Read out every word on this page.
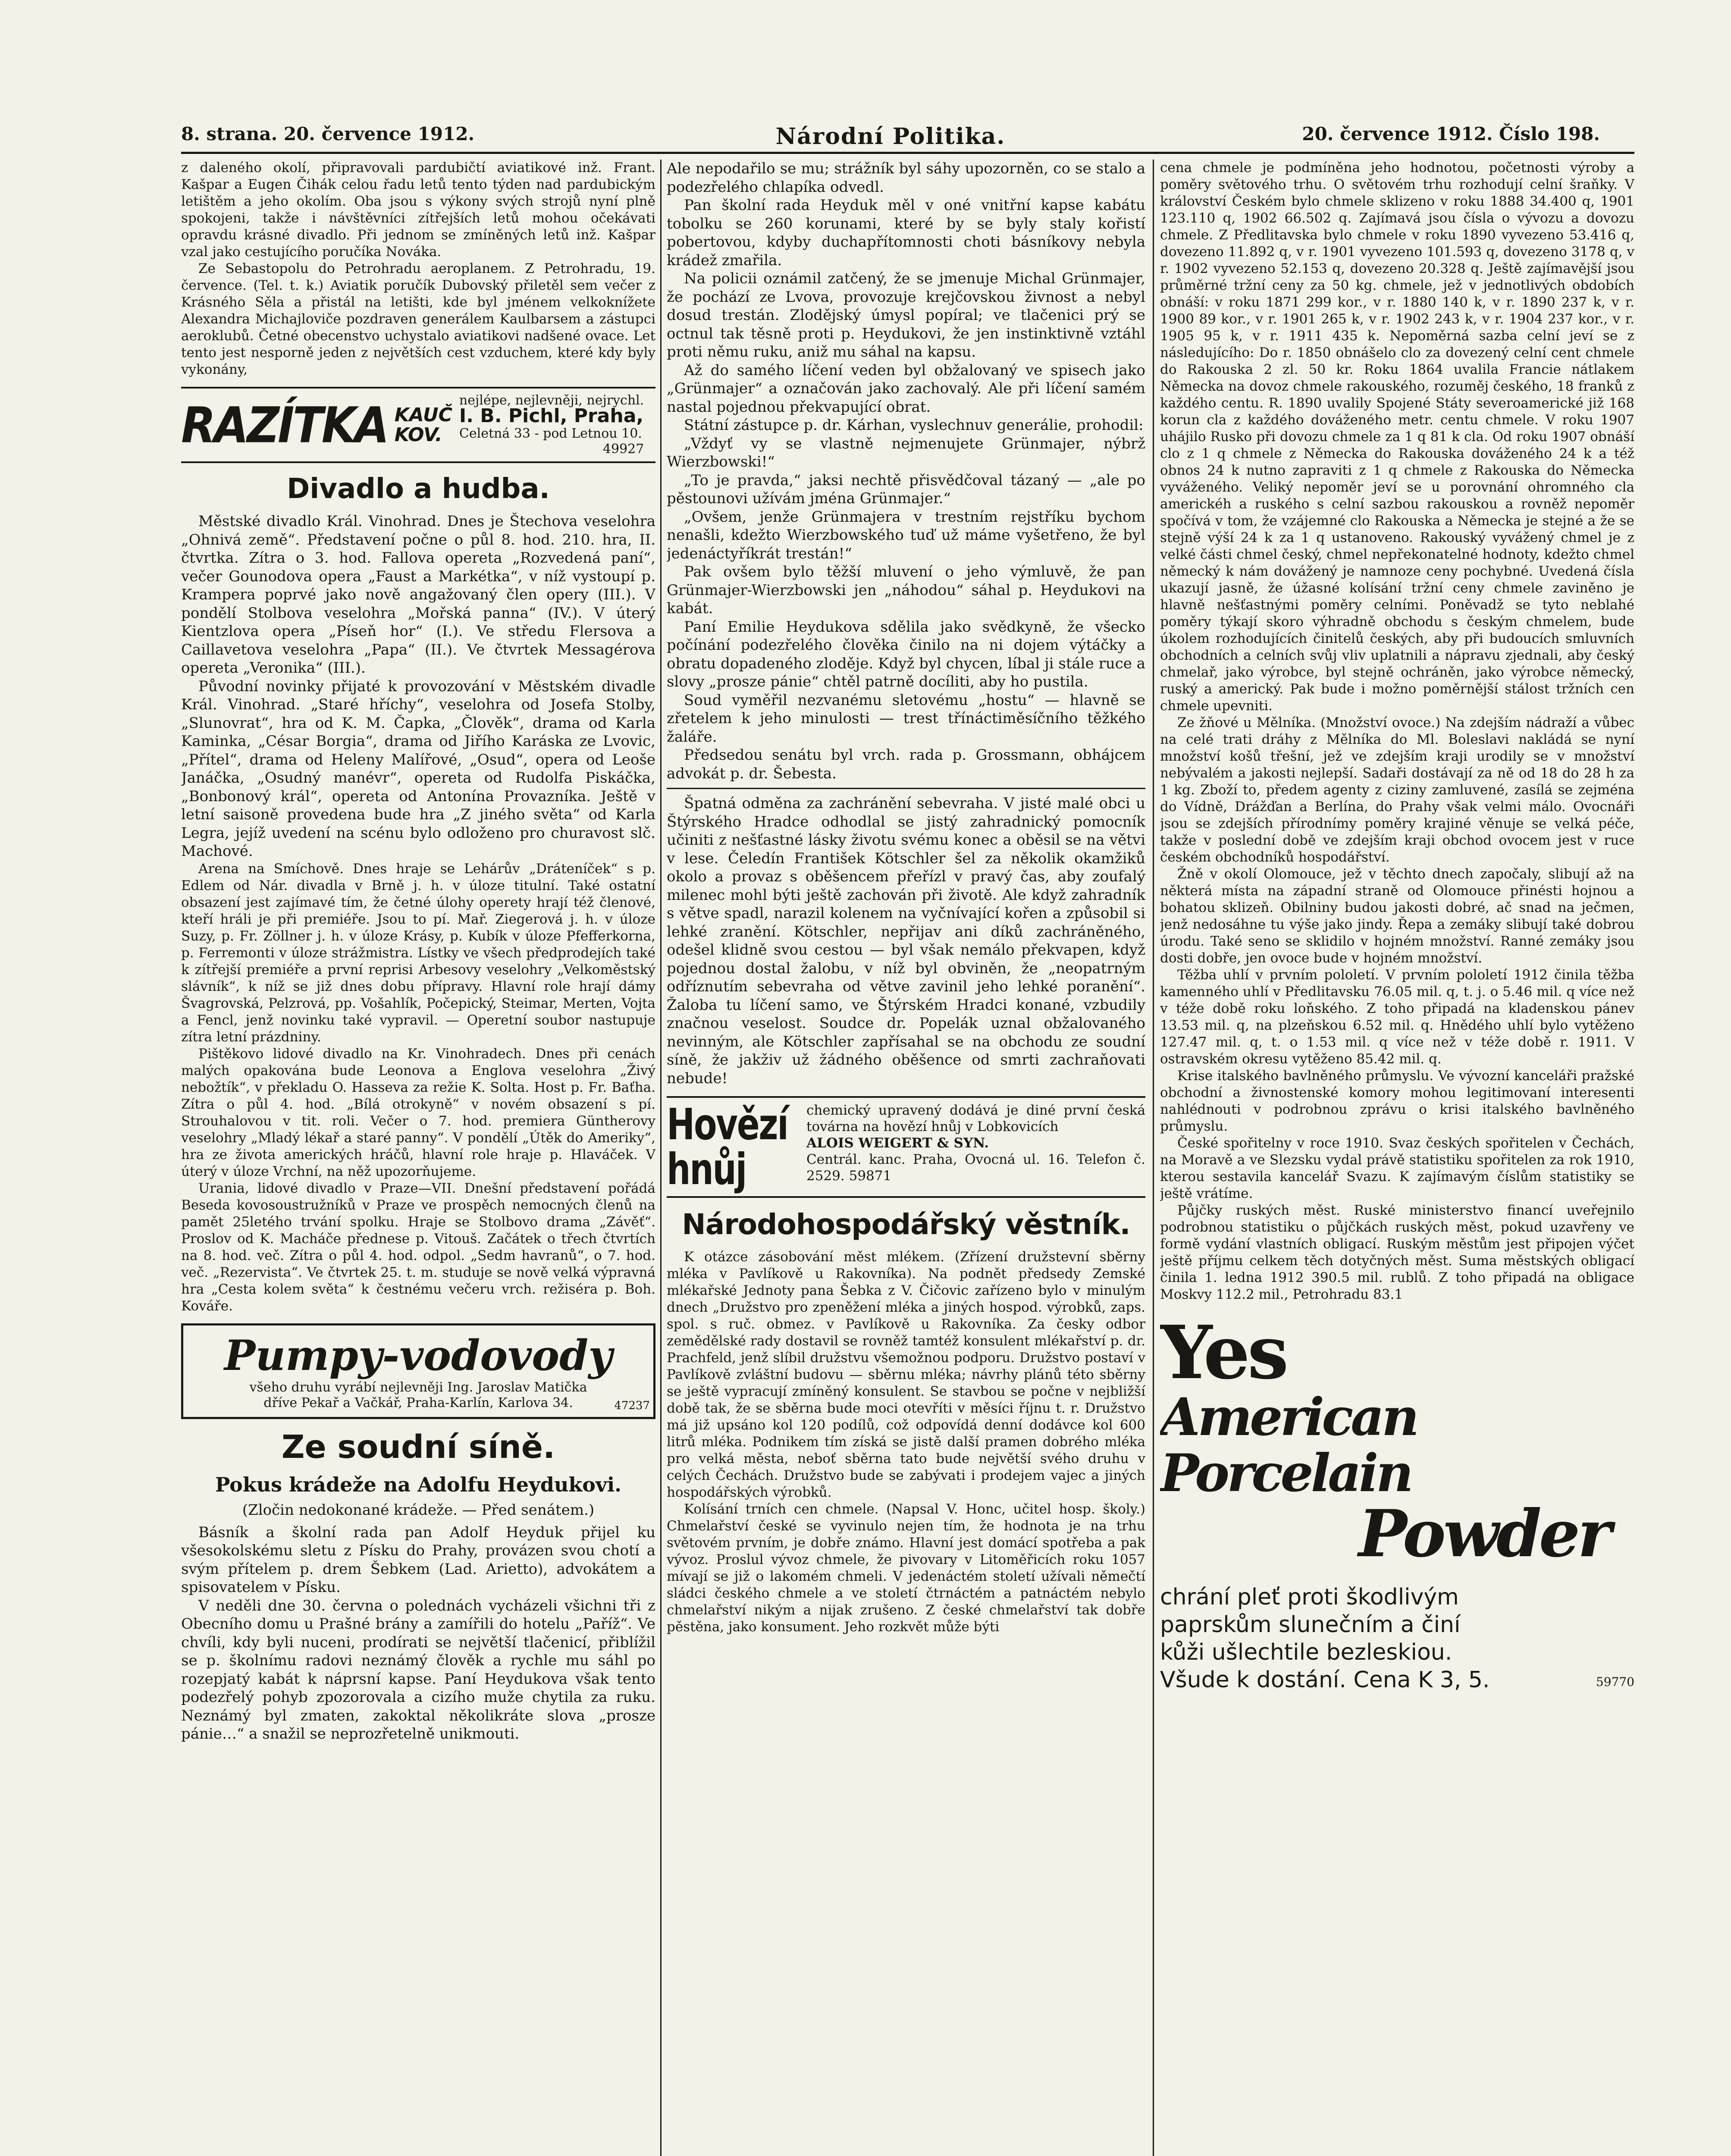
8. strana. 20. července 1912.	Národní Politika.	20. července 1912. Číslo 198.

z daleného okolí, připravovali pardubičtí aviatikové inž. Frant. Kašpar a Eugen Čihák celou řadu letů tento týden nad pardubickým letištěm a jeho okolím. Oba jsou s výkony svých strojů nyní plně spokojeni, takže i návštěvníci zítřejších letů mohou očekávati opravdu krásné divadlo. Při jednom se zmíněných letů inž. Kašpar vzal jako cestujícího poručíka Nováka.

Ze Sebastopolu do Petrohradu aeroplanem. Z Petrohradu, 19. července. (Tel. t. k.) Aviatik poručík Dubovský přiletěl sem večer z Krásného Sěla a přistál na letišti, kde byl jménem velkoknížete Alexandra Michajloviče pozdraven generálem Kaulbarsem a zástupci aeroklubů. Četné obecenstvo uchystalo aviatikovi nadšené ovace. Let tento jest nesporně jeden z největších cest vzduchem, které kdy byly vykonány,

RAZÍTKA KAUČ
KOV.
nejlépe, nejlevněji, nejrychl.
I. B. Pichl, Praha,
Celetná 33 - pod Letnou 10.
49927
Divadlo a hudba.

Městské divadlo Král. Vinohrad. Dnes je Štechova veselohra „Ohnivá země“. Představení počne o půl 8. hod. 210. hra, II. čtvrtka. Zítra o 3. hod. Fallova opereta „Rozvedená paní“, večer Gounodova opera „Faust a Markétka“, v níž vystoupí p. Krampera poprvé jako nově angažovaný člen opery (III.). V pondělí Stolbova veselohra „Mořská panna“ (IV.). V úterý Kientzlova opera „Píseň hor“ (I.). Ve středu Flersova a Caillavetova veselohra „Papa“ (II.). Ve čtvrtek Messagérova opereta „Veronika“ (III.).

Původní novinky přijaté k provozování v Městském divadle Král. Vinohrad. „Staré hříchy“, veselohra od Josefa Stolby, „Slunovrat“, hra od K. M. Čapka, „Člověk“, drama od Karla Kaminka, „César Borgia“, drama od Jiřího Karáska ze Lvovic, „Přítel“, drama od Heleny Malířové, „Osud“, opera od Leoše Janáčka, „Osudný manévr“, opereta od Rudolfa Piskáčka, „Bonbonový král“, opereta od Antonína Provazníka. Ještě v letní saisoně provedena bude hra „Z jiného světa“ od Karla Legra, jejíž uvedení na scénu bylo odloženo pro churavost slč. Machové.

Arena na Smíchově. Dnes hraje se Lehárův „Dráteníček“ s p. Edlem od Nár. divadla v Brně j. h. v úloze titulní. Také ostatní obsazení jest zajímavé tím, že četné úlohy operety hrají též členové, kteří hráli je při premiéře. Jsou to pí. Mař. Ziegerová j. h. v úloze Suzy, p. Fr. Zöllner j. h. v úloze Krásy, p. Kubík v úloze Pfefferkorna, p. Ferremonti v úloze strážmistra. Lístky ve všech předprodejích také k zítřejší premiéře a první reprisi Arbesovy veselohry „Velkoměstský slávník“, k níž se již dnes dobu přípravy. Hlavní role hrají dámy Švagrovská, Pelzrová, pp. Vošahlík, Počepický, Steimar, Merten, Vojta a Fencl, jenž novinku také vypravil. — Operetní soubor nastupuje zítra letní prázdniny.

Pištěkovo lidové divadlo na Kr. Vinohradech. Dnes při cenách malých opakována bude Leonova a Englova veselohra „Živý nebožtík“, v překladu O. Hasseva za režie K. Solta. Host p. Fr. Baťha. Zítra o půl 4. hod. „Bílá otrokyně“ v novém obsazení s pí. Strouhalovou v tit. roli. Večer o 7. hod. premiera Güntherovy veselohry „Mladý lékař a staré panny“. V pondělí „Útěk do Ameriky“, hra ze života amerických hráčů, hlavní role hraje p. Hlaváček. V úterý v úloze Vrchní, na něž upozorňujeme.

Urania, lidové divadlo v Praze—VII. Dnešní představení pořádá Beseda kovosoustružníků v Praze ve prospěch nemocných členů na pamět 25letého trvání spolku. Hraje se Stolbovo drama „Závěť“. Proslov od K. Macháče přednese p. Vitouš. Začátek o třech čtvrtích na 8. hod. več. Zítra o půl 4. hod. odpol. „Sedm havranů“, o 7. hod. več. „Rezervista“. Ve čtvrtek 25. t. m. studuje se nově velká výpravná hra „Cesta kolem světa“ k čestnému večeru vrch. režiséra p. Boh. Kováře.

Pumpy-vodovody
všeho druhu vyrábí nejlevněji Ing. Jaroslav Matička
dříve Pekař a Vačkář, Praha-Karlín, Karlova 34.	47237
Ze soudní síně.
Pokus krádeže na Adolfu Heydukovi.
(Zločin nedokonané krádeže. — Před senátem.)

Básník a školní rada pan Adolf Heyduk přijel ku všesokolskému sletu z Písku do Prahy, provázen svou chotí a svým přítelem p. drem Šebkem (Lad. Arietto), advokátem a spisovatelem v Písku.

V neděli dne 30. června o polednách vycházeli všichni tři z Obecního domu u Prašné brány a zamířili do hotelu „Paříž“. Ve chvíli, kdy byli nuceni, prodírati se největší tlačenicí, přiblížil se p. školnímu radovi neznámý člověk a rychle mu sáhl po rozepjatý kabát k náprsní kapse. Paní Heydukova však tento podezřelý pohyb zpozorovala a cizího muže chytila za ruku. Neznámý byl zmaten, zakoktal několikráte slova „prosze pánie…“ a snažil se neprozřetelně unikmouti.

Ale nepodařilo se mu; strážník byl sáhy upozorněn, co se stalo a podezřelého chlapíka odvedl.

Pan školní rada Heyduk měl v oné vnitřní kapse kabátu tobolku se 260 korunami, které by se byly staly kořistí pobertovou, kdyby duchapřítomnosti choti básníkovy nebyla krádež zmařila.

Na policii oznámil zatčený, že se jmenuje Michal Grünmajer, že pochází ze Lvova, provozuje krejčovskou živnost a nebyl dosud trestán. Zlodějský úmysl popíral; ve tlačenici prý se octnul tak těsně proti p. Heydukovi, že jen instinktivně vztáhl proti němu ruku, aniž mu sáhal na kapsu.

Až do samého líčení veden byl obžalovaný ve spisech jako „Grünmajer“ a označován jako zachovalý. Ale při líčení samém nastal pojednou překvapující obrat.

Státní zástupce p. dr. Kárhan, vyslechnuv generálie, prohodil:

„Vždyť vy se vlastně nejmenujete Grünmajer, nýbrž Wierzbowski!“

„To je pravda,“ jaksi nechtě přisvědčoval tázaný — „ale po pěstounovi užívám jména Grünmajer.“

„Ovšem, jenže Grünmajera v trestním rejstříku bychom nenašli, kdežto Wierzbowského tuď už máme vyšetřeno, že byl jedenáctyříkrát trestán!“

Pak ovšem bylo těžší mluvení o jeho výmluvě, že pan Grünmajer-Wierzbowski jen „náhodou“ sáhal p. Heydukovi na kabát.

Paní Emilie Heydukova sdělila jako svědkyně, že všecko počínání podezřelého člověka činilo na ni dojem výtáčky a obratu dopadeného zloděje. Když byl chycen, líbal ji stále ruce a slovy „prosze pánie“ chtěl patrně docíliti, aby ho pustila.

Soud vyměřil nezvanému sletovému „hostu“ — hlavně se zřetelem k jeho minulosti — trest třínáctiměsíčního těžkého žaláře.

Předsedou senátu byl vrch. rada p. Grossmann, obhájcem advokát p. dr. Šebesta.

Špatná odměna za zachránění sebevraha. V jisté malé obci u Štýrského Hradce odhodlal se jistý zahradnický pomocník učiniti z nešťastné lásky životu svému konec a oběsil se na větvi v lese. Čeledín František Kötschler šel za několik okamžiků okolo a provaz s oběšencem přeřízl v pravý čas, aby zoufalý milenec mohl býti ještě zachován při životě. Ale když zahradník s větve spadl, narazil kolenem na vyčnívající kořen a způsobil si lehké zranění. Kötschler, nepřijav ani díků zachráněného, odešel klidně svou cestou — byl však nemálo překvapen, když pojednou dostal žalobu, v níž byl obviněn, že „neopatrným odříznutím sebevraha od větve zavinil jeho lehké poranění“. Žaloba tu líčení samo, ve Štýrském Hradci konané, vzbudily značnou veselost. Soudce dr. Popelák uznal obžalovaného nevinným, ale Kötschler zapřísahal se na obchodu ze soudní síně, že jakživ už žádného oběšence od smrti zachraňovati nebude!

Hovězí hnůj
chemický upravený dodává je diné první česká továrna na hovězí hnůj v Lobkovicích
ALOIS WEIGERT & SYN.
Centrál. kanc. Praha, Ovocná ul. 16. Telefon č. 2529. 59871
Národohospodářský věstník.

K otázce zásobování měst mlékem. (Zřízení družstevní sběrny mléka v Pavlíkově u Rakovníka). Na podnět předsedy Zemské mlékařské Jednoty pana Šebka z V. Čičovic zařízeno bylo v minulým dnech „Družstvo pro zpeněžení mléka a jiných hospod. výrobků, zaps. spol. s ruč. obmez. v Pavlíkově u Rakovníka. Za česky odbor zemědělské rady dostavil se rovněž tamtéž konsulent mlékařství p. dr. Prachfeld, jenž slíbil družstvu všemožnou podporu. Družstvo postaví v Pavlíkově zvláštní budovu — sběrnu mléka; návrhy plánů této sběrny se ještě vypracují zmíněný konsulent. Se stavbou se počne v nejbližší době tak, že se sběrna bude moci otevříti v měsíci říjnu t. r. Družstvo má již upsáno kol 120 podílů, což odpovídá denní dodávce kol 600 litrů mléka. Podnikem tím získá se jistě další pramen dobrého mléka pro velká města, neboť sběrna tato bude největší svého druhu v celých Čechách. Družstvo bude se zabývati i prodejem vajec a jiných hospodářských výrobků.

Kolísání trních cen chmele. (Napsal V. Honc, učitel hosp. školy.) Chmelařství české se vyvinulo nejen tím, že hodnota je na trhu světovém prvním, je dobře známo. Hlavní jest domácí spotřeba a pak vývoz. Proslul vývoz chmele, že pivovary v Litoměřicích roku 1057 mívají se již o lakomém chmeli. V jedenáctém století užívali němečtí sládci českého chmele a ve století čtrnáctém a patnáctém nebylo chmelařství nikým a nijak zrušeno. Z české chmelařství tak dobře pěstěna, jako konsument. Jeho rozkvět může býti

cena chmele je podmíněna jeho hodnotou, početnosti výroby a poměry světového trhu. O světovém trhu rozhodují celní šraňky. V království Českém bylo chmele sklizeno v roku 1888 34.400 q, 1901 123.110 q, 1902 66.502 q. Zajímavá jsou čísla o vývozu a dovozu chmele. Z Předlitavska bylo chmele v roku 1890 vyvezeno 53.416 q, dovezeno 11.892 q, v r. 1901 vyvezeno 101.593 q, dovezeno 3178 q, v r. 1902 vyvezeno 52.153 q, dovezeno 20.328 q. Ještě zajímavější jsou průměrné tržní ceny za 50 kg. chmele, jež v jednotlivých obdobích obnáší: v roku 1871 299 kor., v r. 1880 140 k, v r. 1890 237 k, v r. 1900 89 kor., v r. 1901 265 k, v r. 1902 243 k, v r. 1904 237 kor., v r. 1905 95 k, v r. 1911 435 k. Nepoměrná sazba celní jeví se z následujícího: Do r. 1850 obnášelo clo za dovezený celní cent chmele do Rakouska 2 zl. 50 kr. Roku 1864 uvalila Francie nátlakem Německa na dovoz chmele rakouského, rozuměj českého, 18 franků z každého centu. R. 1890 uvalily Spojené Státy severoamerické již 168 korun cla z každého dováženého metr. centu chmele. V roku 1907 uhájilo Rusko při dovozu chmele za 1 q 81 k cla. Od roku 1907 obnáší clo z 1 q chmele z Německa do Rakouska dováženého 24 k a též obnos 24 k nutno zapraviti z 1 q chmele z Rakouska do Německa vyváženého. Veliký nepoměr jeví se u porovnání ohromného cla americkéh a ruského s celní sazbou rakouskou a rovněž nepoměr spočívá v tom, že vzájemné clo Rakouska a Německa je stejné a že se stejně výší 24 k za 1 q ustanoveno. Rakouský vyvážený chmel je z velké části chmel český, chmel nepřekonatelné hodnoty, kdežto chmel německý k nám dovážený je namnoze ceny pochybné. Uvedená čísla ukazují jasně, že úžasné kolísání tržní ceny chmele zaviněno je hlavně nešťastnými poměry celními. Poněvadž se tyto neblahé poměry týkají skoro výhradně obchodu s českým chmelem, bude úkolem rozhodujících činitelů českých, aby při budoucích smluvních obchodních a celních svůj vliv uplatnili a nápravu zjednali, aby český chmelař, jako výrobce, byl stejně ochráněn, jako výrobce německý, ruský a americký. Pak bude i možno poměrnější stálost tržních cen chmele upevniti.

Ze žňové u Mělníka. (Množství ovoce.) Na zdejším nádraží a vůbec na celé trati dráhy z Mělníka do Ml. Boleslavi nakládá se nyní množství košů třešní, jež ve zdejším kraji urodily se v množství nebývalém a jakosti nejlepší. Sadaři dostávají za ně od 18 do 28 h za 1 kg. Zboží to, předem agenty z ciziny zamluvené, zasílá se zejména do Vídně, Drážďan a Berlína, do Prahy však velmi málo. Ovocnáři jsou se zdejších přírodnímy poměry krajiné věnuje se velká péče, takže v poslední době ve zdejším kraji obchod ovocem jest v ruce českém obchodníků hospodářství.

Žně v okolí Olomouce, jež v těchto dnech započaly, slibují až na některá místa na západní straně od Olomouce přinésti hojnou a bohatou sklizeň. Obilniny budou jakosti dobré, ač snad na ječmen, jenž nedosáhne tu výše jako jindy. Řepa a zemáky slibují také dobrou úrodu. Také seno se sklidilo v hojném množství. Ranné zemáky jsou dosti dobře, jen ovoce bude v hojném množství.

Těžba uhlí v prvním pololetí. V prvním pololetí 1912 činila těžba kamenného uhlí v Předlitavsku 76.05 mil. q, t. j. o 5.46 mil. q více než v téže době roku loňského. Z toho připadá na kladenskou pánev 13.53 mil. q, na plzeňskou 6.52 mil. q. Hnědého uhlí bylo vytěženo 127.47 mil. q, t. o 1.53 mil. q více než v téže době r. 1911. V ostravském okresu vytěženo 85.42 mil. q.

Krise italského bavlněného průmyslu. Ve vývozní kanceláři pražské obchodní a živnostenské komory mohou legitimovaní interesenti nahlédnouti v podrobnou zprávu o krisi italského bavlněného průmyslu.

České spořitelny v roce 1910. Svaz českých spořitelen v Čechách, na Moravě a ve Slezsku vydal právě statistiku spořitelen za rok 1910, kterou sestavila kancelář Svazu. K zajímavým číslům statistiky se ještě vrátíme.

Půjčky ruských měst. Ruské ministerstvo financí uveřejnilo podrobnou statistiku o půjčkách ruských měst, pokud uzavřeny ve formě vydání vlastních obligací. Ruským městům jest připojen výčet ještě příjmu celkem těch dotyčných měst. Suma městských obligací činila 1. ledna 1912 390.5 mil. rublů. Z toho připadá na obligace Moskvy 112.2 mil., Petrohradu 83.1

Yes
American Porcelain
Powder
chrání pleť proti škodlivým
paprskům slunečním a činí
kůži ušlechtile bezleskiou.
Všude k dostání. Cena K 3, 5.	59770
